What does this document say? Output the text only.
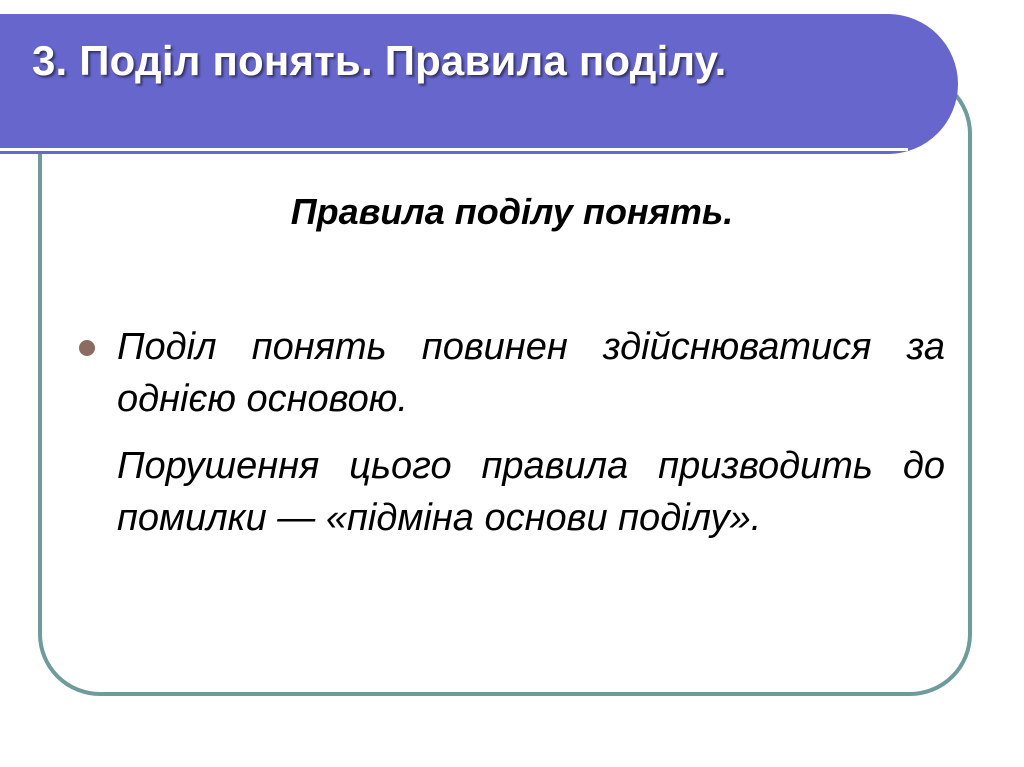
3. Поділ понять. Правила поділу.
Правила поділу понять.

Поділ понять повинен здійснюватися за однією основою.

Порушення цього правила призводить до помилки — «підміна основи поділу».
